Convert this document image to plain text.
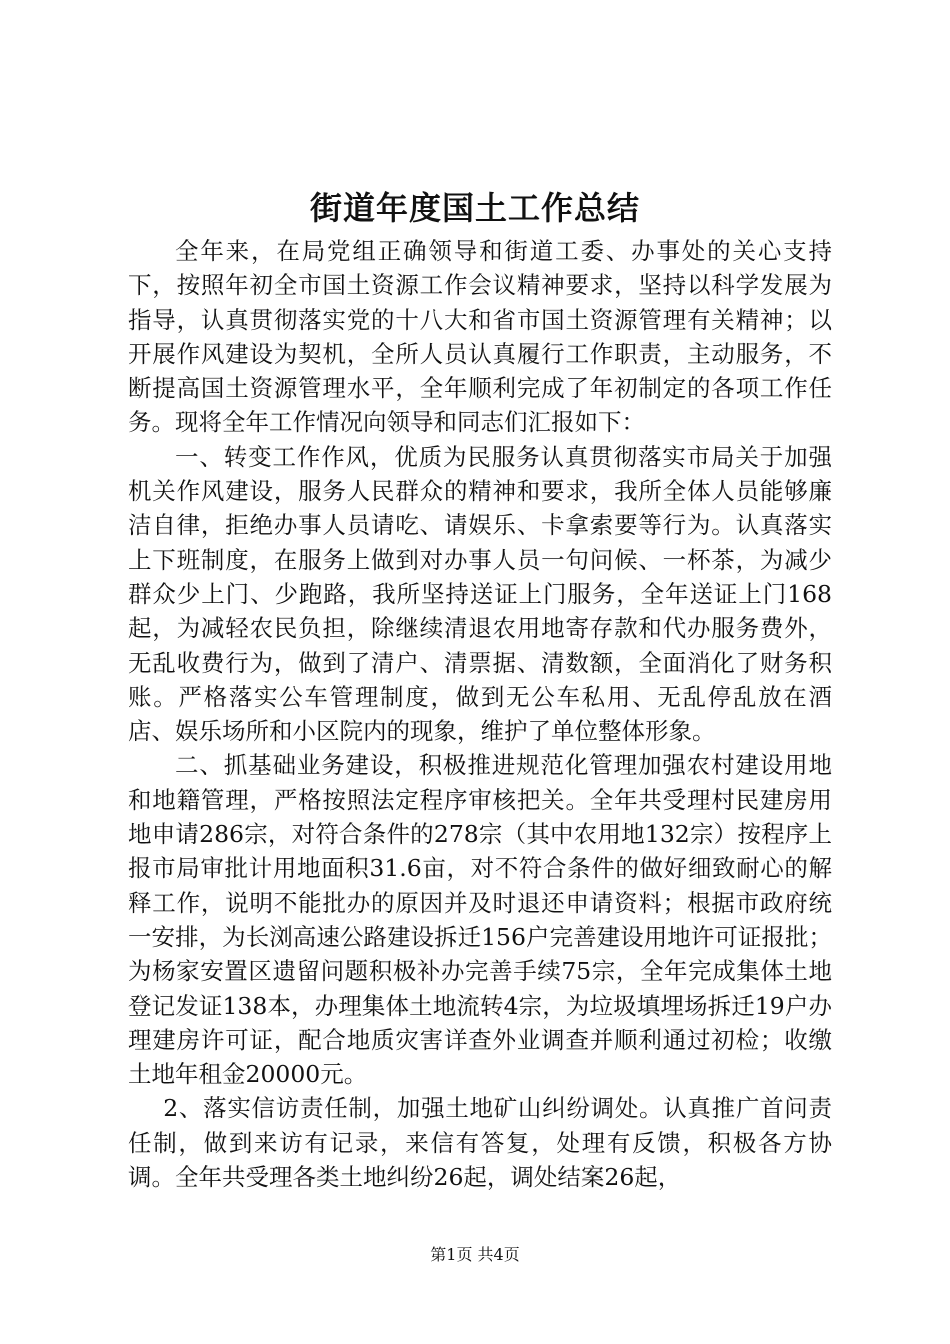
街道年度国土工作总结

全年来，在局党组正确领导和街道工委、办事处的关心支持下，按照年初全市国土资源工作会议精神要求，坚持以科学发展为指导，认真贯彻落实党的十八大和省市国土资源管理有关精神；以开展作风建设为契机，全所人员认真履行工作职责，主动服务，不断提高国土资源管理水平，全年顺利完成了年初制定的各项工作任务。现将全年工作情况向领导和同志们汇报如下：

一、转变工作作风，优质为民服务认真贯彻落实市局关于加强机关作风建设，服务人民群众的精神和要求，我所全体人员能够廉洁自律，拒绝办事人员请吃、请娱乐、卡拿索要等行为。认真落实上下班制度，在服务上做到对办事人员一句问候、一杯茶，为减少群众少上门、少跑路，我所坚持送证上门服务，全年送证上门168起，为减轻农民负担，除继续清退农用地寄存款和代办服务费外，无乱收费行为，做到了清户、清票据、清数额，全面消化了财务积账。严格落实公车管理制度，做到无公车私用、无乱停乱放在酒店、娱乐场所和小区院内的现象，维护了单位整体形象。

二、抓基础业务建设，积极推进规范化管理加强农村建设用地和地籍管理，严格按照法定程序审核把关。全年共受理村民建房用地申请286宗，对符合条件的278宗（其中农用地132宗）按程序上报市局审批计用地面积31.6亩，对不符合条件的做好细致耐心的解释工作，说明不能批办的原因并及时退还申请资料；根据市政府统一安排，为长浏高速公路建设拆迁156户完善建设用地许可证报批；为杨家安置区遗留问题积极补办完善手续75宗，全年完成集体土地登记发证138本，办理集体土地流转4宗，为垃圾填埋场拆迁19户办理建房许可证，配合地质灾害详查外业调查并顺利通过初检；收缴土地年租金20000元。

2、落实信访责任制，加强土地矿山纠纷调处。认真推广首问责任制，做到来访有记录，来信有答复，处理有反馈，积极各方协调。全年共受理各类土地纠纷26起，调处结案26起，

第1页 共4页
